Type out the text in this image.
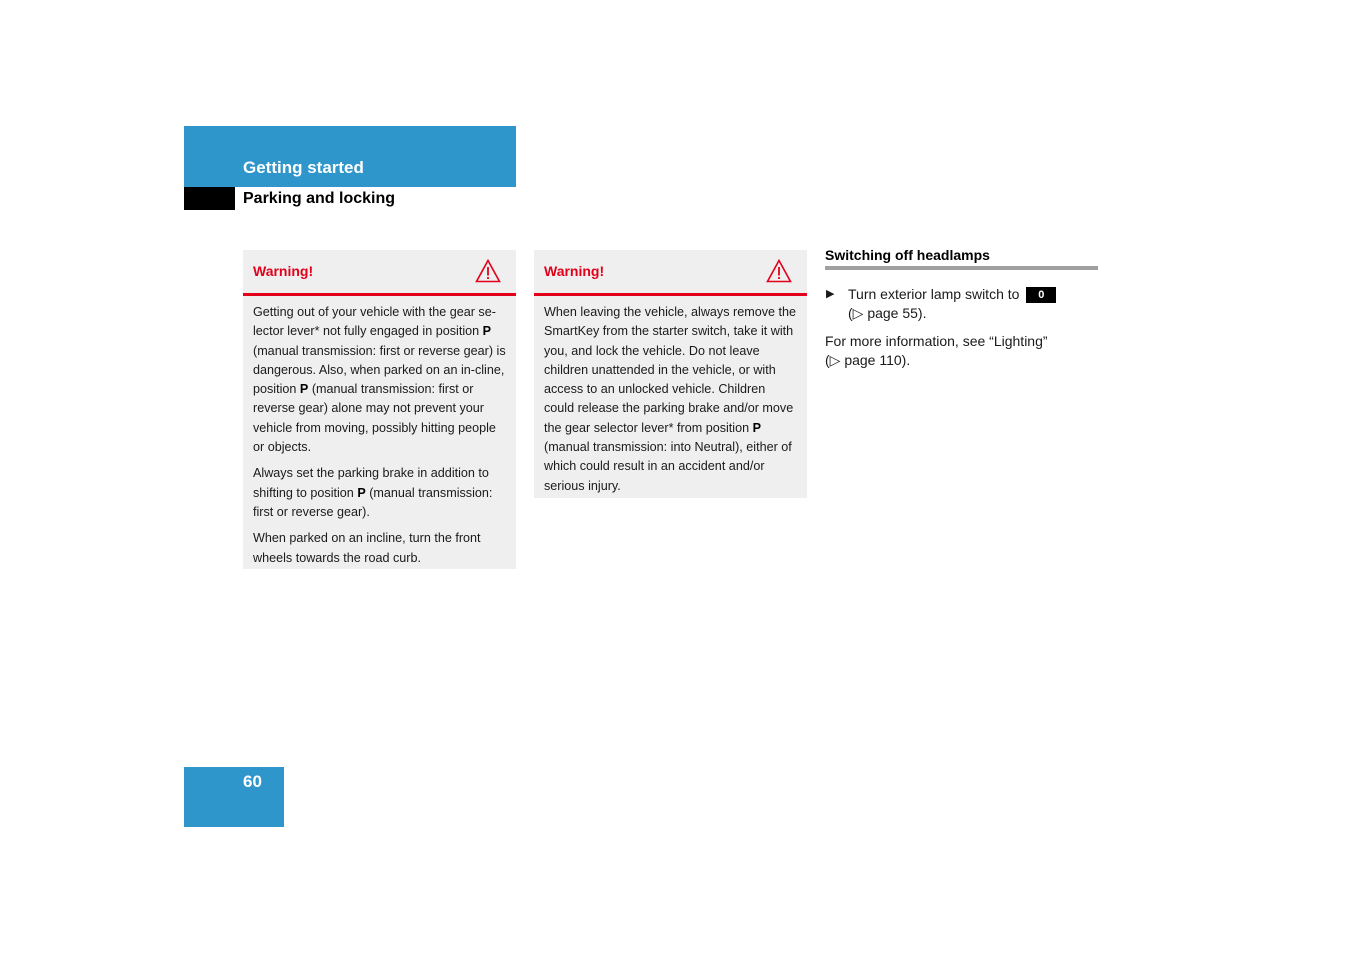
Getting started
Parking and locking
Warning!

Getting out of your vehicle with the gear se-lector lever* not fully engaged in position P (manual transmission: first or reverse gear) is dangerous. Also, when parked on an in-cline, position P (manual transmission: first or reverse gear) alone may not prevent your vehicle from moving, possibly hitting people or objects.

Always set the parking brake in addition to shifting to position P (manual transmission: first or reverse gear).

When parked on an incline, turn the front wheels towards the road curb.

Warning!

When leaving the vehicle, always remove the SmartKey from the starter switch, take it with you, and lock the vehicle. Do not leave children unattended in the vehicle, or with access to an unlocked vehicle. Children could release the parking brake and/or move the gear selector lever* from position P (manual transmission: into Neutral), either of which could result in an accident and/or serious injury.

Switching off headlamps
▶ Turn exterior lamp switch to 0
(▷ page 55).
For more information, see “Lighting”
(▷ page 110).
60
